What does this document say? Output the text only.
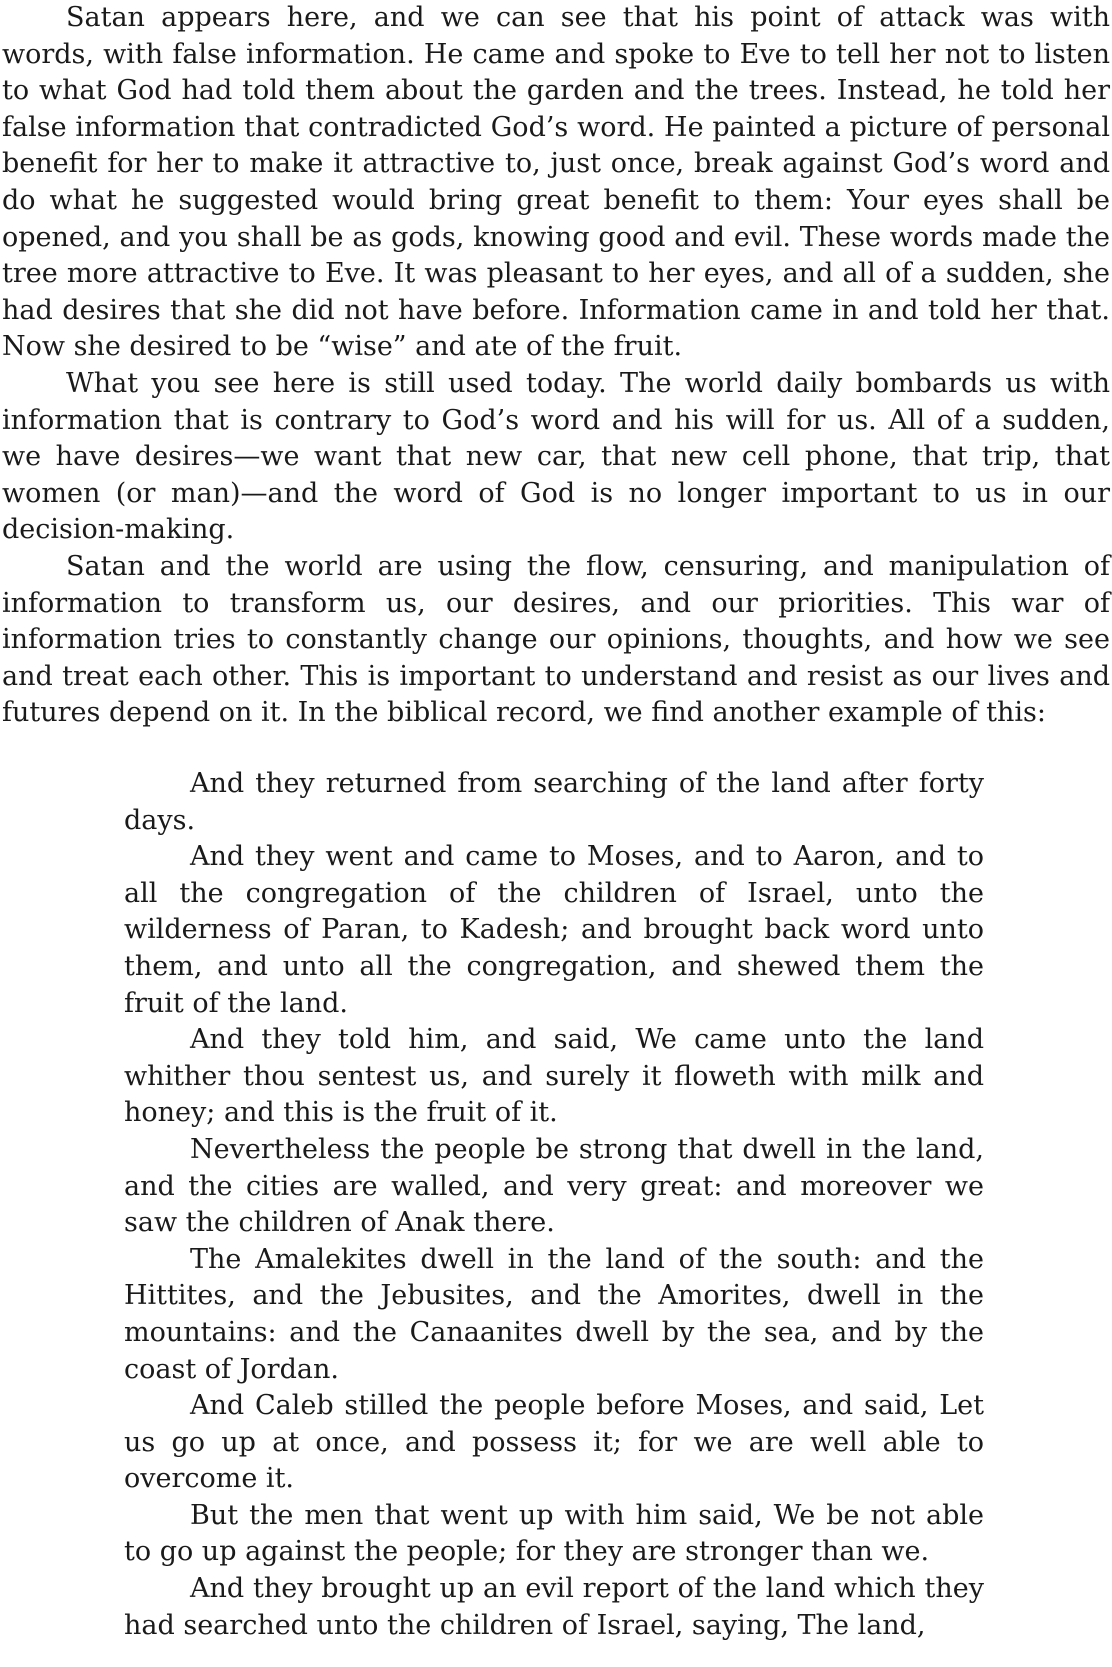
Satan appears here, and we can see that his point of attack was with words, with false information. He came and spoke to Eve to tell her not to listen to what God had told them about the garden and the trees. Instead, he told her false information that contradicted God’s word. He painted a picture of personal benefit for her to make it attractive to, just once, break against God’s word and do what he suggested would bring great benefit to them: Your eyes shall be opened, and you shall be as gods, knowing good and evil. These words made the tree more attractive to Eve. It was pleasant to her eyes, and all of a sudden, she had desires that she did not have before. Information came in and told her that. Now she desired to be “wise” and ate of the fruit.

What you see here is still used today. The world daily bombards us with information that is contrary to God’s word and his will for us. All of a sudden, we have desires—we want that new car, that new cell phone, that trip, that women (or man)—and the word of God is no longer important to us in our decision-making.

Satan and the world are using the flow, censuring, and manipulation of information to transform us, our desires, and our priorities. This war of information tries to constantly change our opinions, thoughts, and how we see and treat each other. This is important to understand and resist as our lives and futures depend on it. In the biblical record, we find another example of this:

And they returned from searching of the land after forty days.

And they went and came to Moses, and to Aaron, and to all the congregation of the children of Israel, unto the wilderness of Paran, to Kadesh; and brought back word unto them, and unto all the congregation, and shewed them the fruit of the land.

And they told him, and said, We came unto the land whither thou sentest us, and surely it floweth with milk and honey; and this is the fruit of it.

Nevertheless the people be strong that dwell in the land, and the cities are walled, and very great: and moreover we saw the children of Anak there.

The Amalekites dwell in the land of the south: and the Hittites, and the Jebusites, and the Amorites, dwell in the mountains: and the Canaanites dwell by the sea, and by the coast of Jordan.

And Caleb stilled the people before Moses, and said, Let us go up at once, and possess it; for we are well able to overcome it.

But the men that went up with him said, We be not able to go up against the people; for they are stronger than we.

And they brought up an evil report of the land which they had searched unto the children of Israel, saying, The land,
